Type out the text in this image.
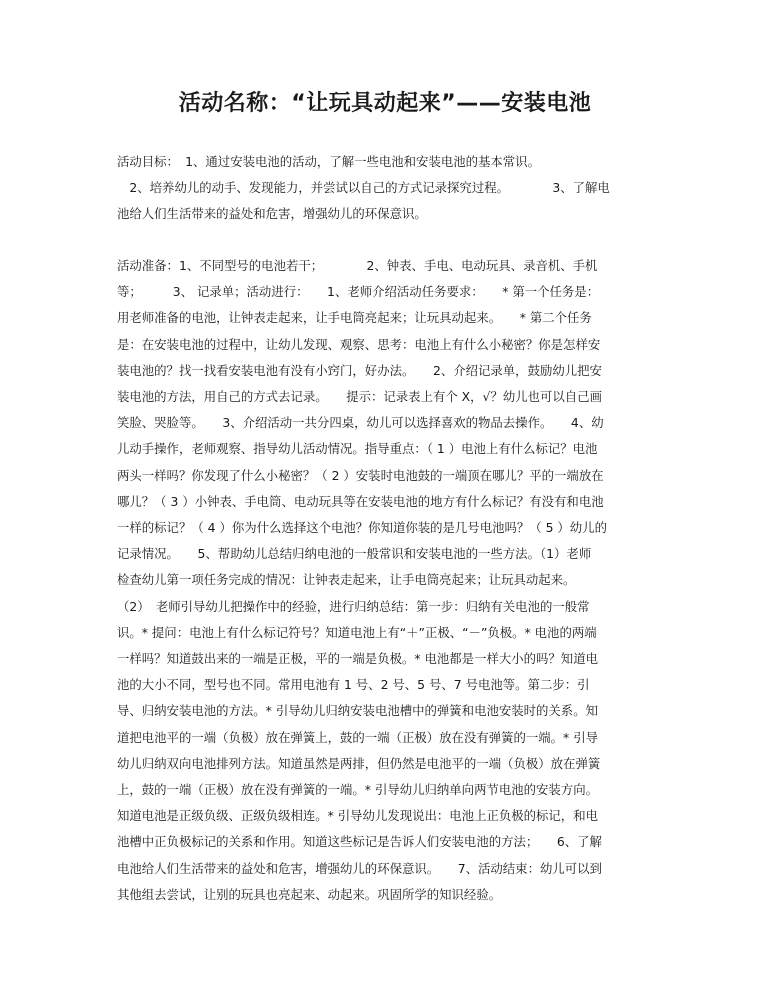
活动名称：“让玩具动起来”——安装电池
活动目标：　1、通过安装电池的活动，了解一些电池和安装电池的基本常识。
　2、培养幼儿的动手、发现能力，并尝试以自己的方式记录探究过程。　　　　3、了解电
池给人们生活带来的益处和危害，增强幼儿的环保意识。
活动准备：1、不同型号的电池若干；　　　　2、钟表、手电、电动玩具、录音机、手机
等；　　　3、 记录单；活动进行：　　1、老师介绍活动任务要求：　　* 第一个任务是：
用老师准备的电池，让钟表走起来，让手电筒亮起来；让玩具动起来。　　* 第二个任务
是：在安装电池的过程中，让幼儿发现、观察、思考：电池上有什么小秘密？你是怎样安
装电池的？找一找看安装电池有没有小窍门，好办法。　　2、介绍记录单，鼓励幼儿把安
装电池的方法，用自己的方式去记录。　　提示：记录表上有个 X，√？幼儿也可以自己画
笑脸、哭脸等。　　3、介绍活动一共分四桌，幼儿可以选择喜欢的物品去操作。　　4、幼
儿动手操作，老师观察、指导幼儿活动情况。指导重点：（ 1 ）电池上有什么标记？电池
两头一样吗？你发现了什么小秘密？（ 2 ）安装时电池鼓的一端顶在哪儿？平的一端放在
哪儿？（ 3 ）小钟表、手电筒、电动玩具等在安装电池的地方有什么标记？有没有和电池
一样的标记？（ 4 ）你为什么选择这个电池？你知道你装的是几号电池吗？（ 5 ）幼儿的
记录情况。　　5、帮助幼儿总结归纳电池的一般常识和安装电池的一些方法。（1）老师
检查幼儿第一项任务完成的情况：让钟表走起来，让手电筒亮起来；让玩具动起来。
（2）　老师引导幼儿把操作中的经验，进行归纳总结：第一步：归纳有关电池的一般常
识。* 提问：电池上有什么标记符号？知道电池上有“＋”正极、“－”负极。* 电池的两端
一样吗？知道鼓出来的一端是正极，平的一端是负极。* 电池都是一样大小的吗？知道电
池的大小不同，型号也不同。常用电池有 1 号、2 号、5 号、7 号电池等。第二步：引
导、归纳安装电池的方法。* 引导幼儿归纳安装电池槽中的弹簧和电池安装时的关系。知
道把电池平的一端（负极）放在弹簧上，鼓的一端（正极）放在没有弹簧的一端。* 引导
幼儿归纳双向电池排列方法。知道虽然是两排，但仍然是电池平的一端（负极）放在弹簧
上，鼓的一端（正极）放在没有弹簧的一端。* 引导幼儿归纳单向两节电池的安装方向。
知道电池是正级负级、正级负级相连。* 引导幼儿发现说出：电池上正负极的标记，和电
池槽中正负极标记的关系和作用。知道这些标记是告诉人们安装电池的方法；　　6、了解
电池给人们生活带来的益处和危害，增强幼儿的环保意识。　　7、活动结束：幼儿可以到
其他组去尝试，让别的玩具也亮起来、动起来。巩固所学的知识经验。
